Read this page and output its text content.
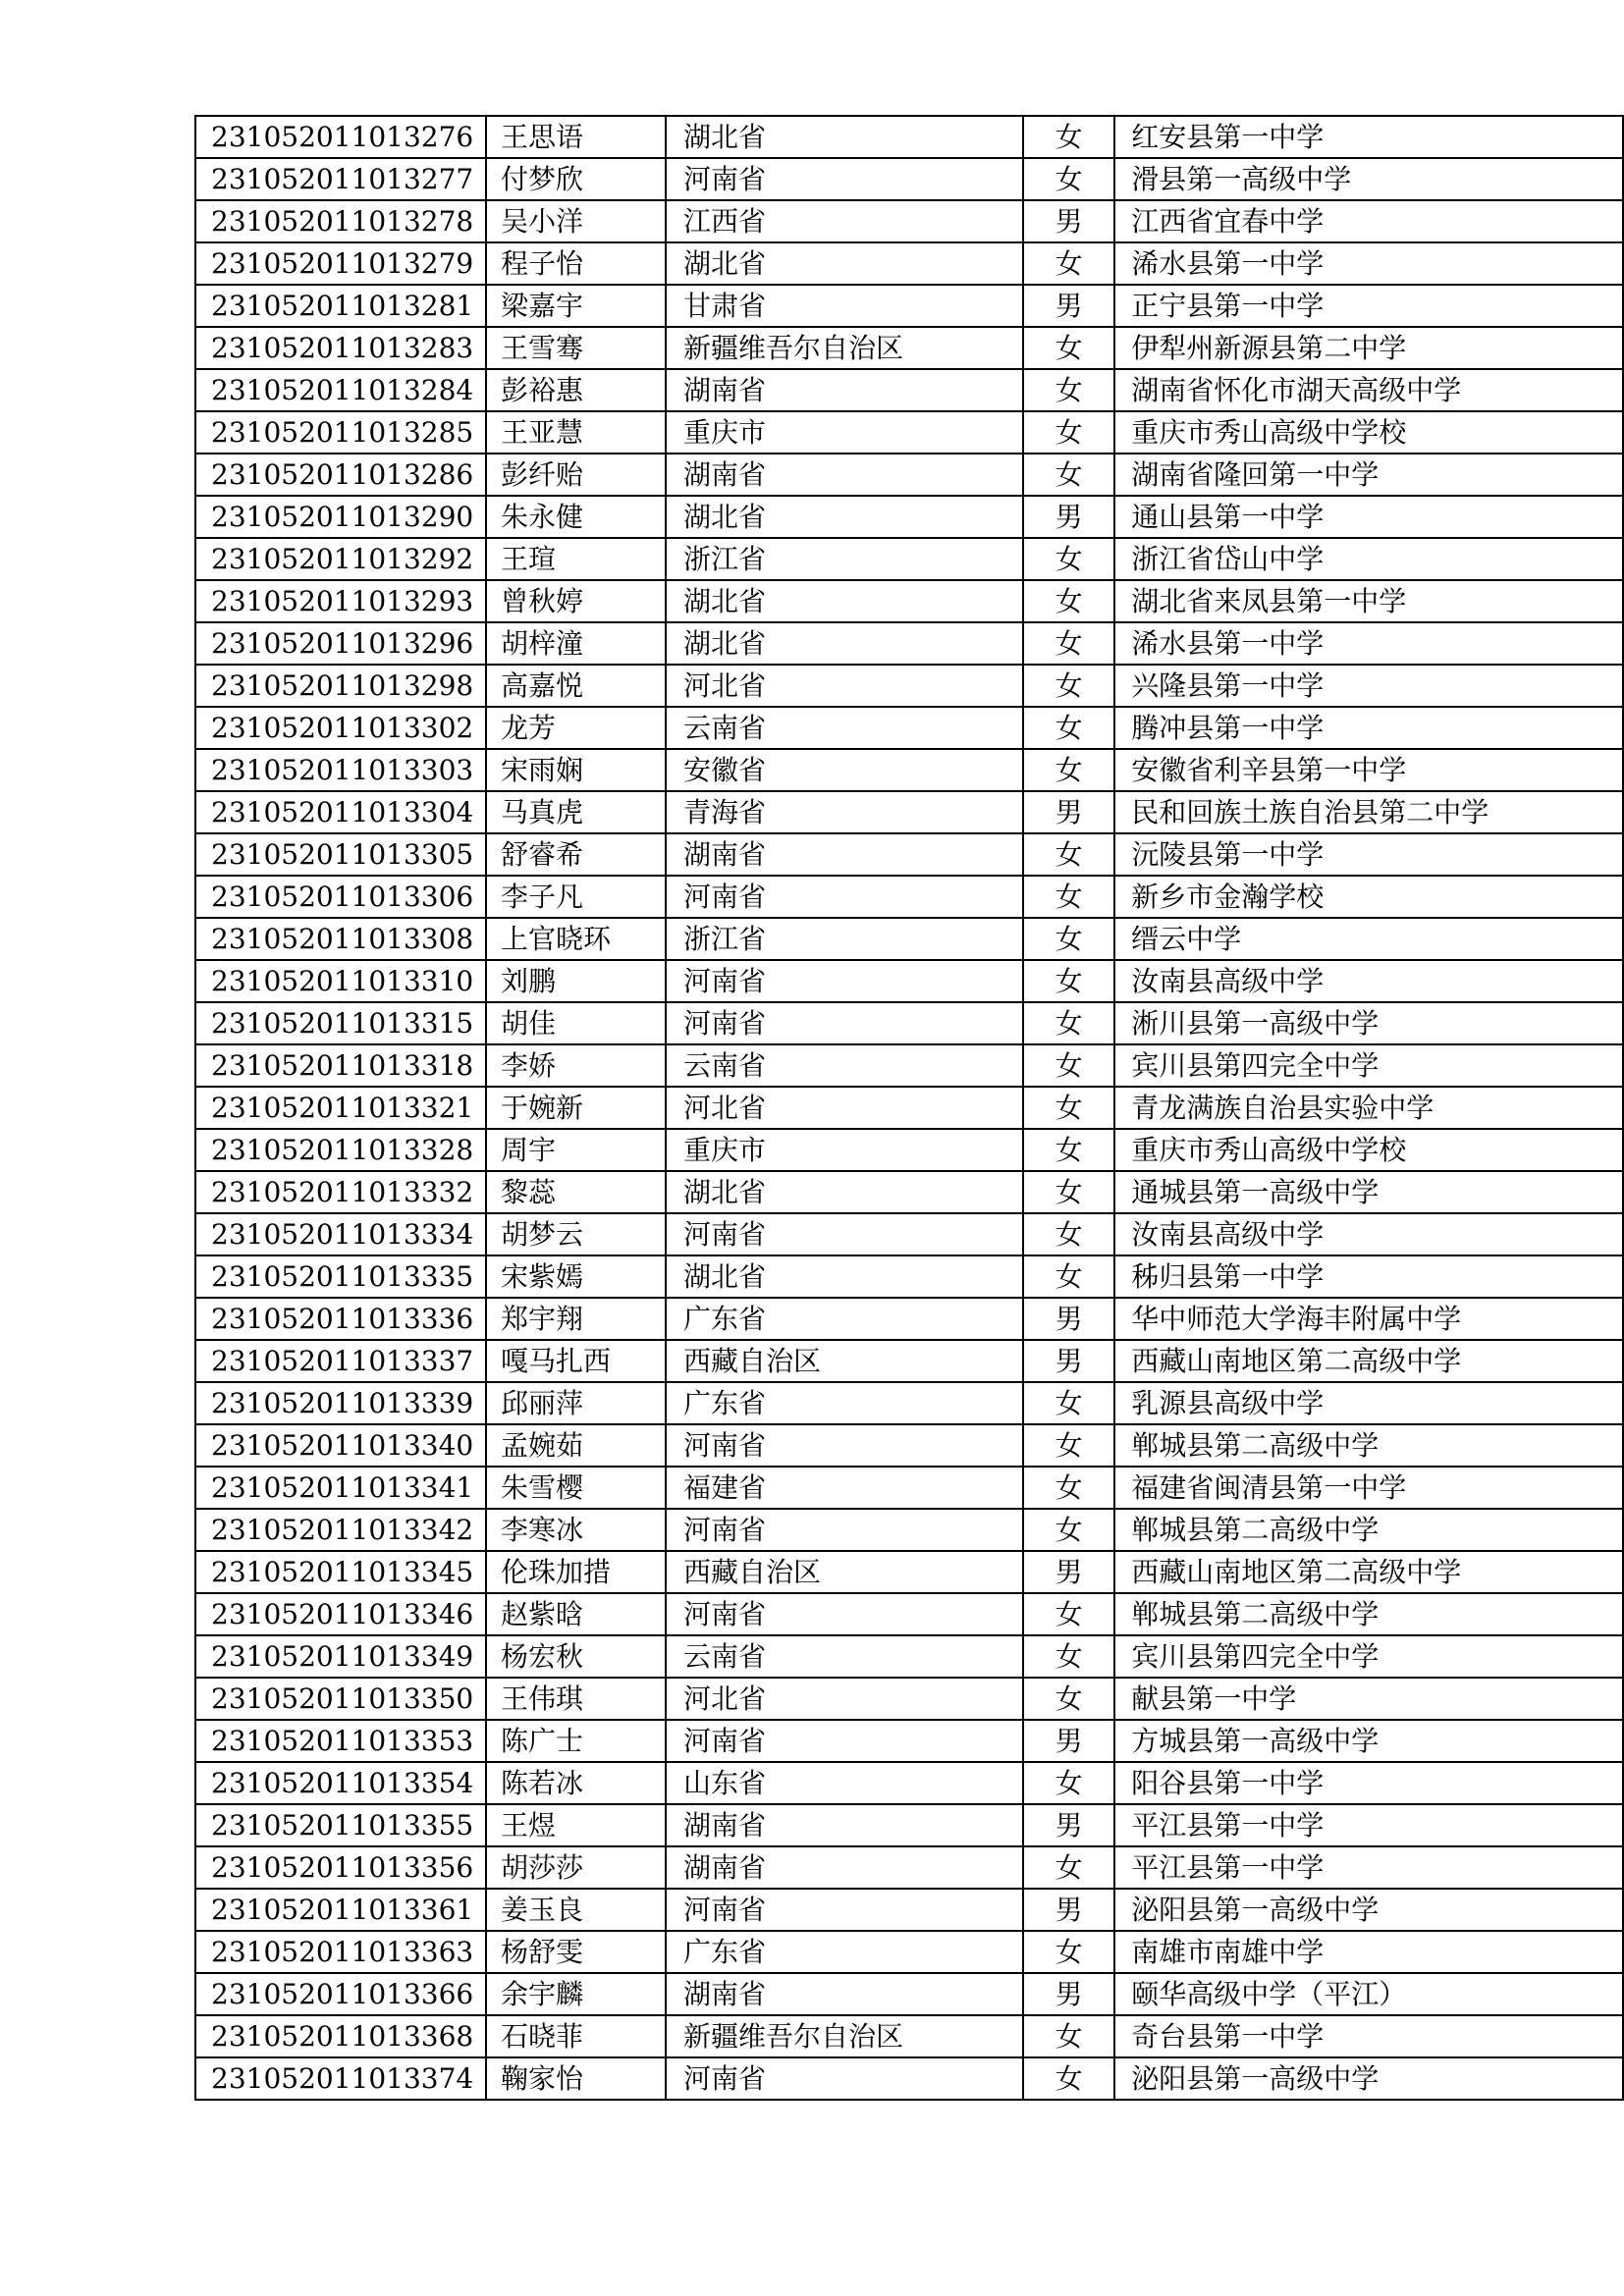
231052011013276	王思语	湖北省	女	红安县第一中学
231052011013277	付梦欣	河南省	女	滑县第一高级中学
231052011013278	吴小洋	江西省	男	江西省宜春中学
231052011013279	程子怡	湖北省	女	浠水县第一中学
231052011013281	梁嘉宇	甘肃省	男	正宁县第一中学
231052011013283	王雪骞	新疆维吾尔自治区	女	伊犁州新源县第二中学
231052011013284	彭裕惠	湖南省	女	湖南省怀化市湖天高级中学
231052011013285	王亚慧	重庆市	女	重庆市秀山高级中学校
231052011013286	彭纤贻	湖南省	女	湖南省隆回第一中学
231052011013290	朱永健	湖北省	男	通山县第一中学
231052011013292	王瑄	浙江省	女	浙江省岱山中学
231052011013293	曾秋婷	湖北省	女	湖北省来凤县第一中学
231052011013296	胡梓潼	湖北省	女	浠水县第一中学
231052011013298	高嘉悦	河北省	女	兴隆县第一中学
231052011013302	龙芳	云南省	女	腾冲县第一中学
231052011013303	宋雨娴	安徽省	女	安徽省利辛县第一中学
231052011013304	马真虎	青海省	男	民和回族土族自治县第二中学
231052011013305	舒睿希	湖南省	女	沅陵县第一中学
231052011013306	李子凡	河南省	女	新乡市金瀚学校
231052011013308	上官晓环	浙江省	女	缙云中学
231052011013310	刘鹏	河南省	女	汝南县高级中学
231052011013315	胡佳	河南省	女	淅川县第一高级中学
231052011013318	李娇	云南省	女	宾川县第四完全中学
231052011013321	于婉新	河北省	女	青龙满族自治县实验中学
231052011013328	周宇	重庆市	女	重庆市秀山高级中学校
231052011013332	黎蕊	湖北省	女	通城县第一高级中学
231052011013334	胡梦云	河南省	女	汝南县高级中学
231052011013335	宋紫嫣	湖北省	女	秭归县第一中学
231052011013336	郑宇翔	广东省	男	华中师范大学海丰附属中学
231052011013337	嘎马扎西	西藏自治区	男	西藏山南地区第二高级中学
231052011013339	邱丽萍	广东省	女	乳源县高级中学
231052011013340	孟婉茹	河南省	女	郸城县第二高级中学
231052011013341	朱雪樱	福建省	女	福建省闽清县第一中学
231052011013342	李寒冰	河南省	女	郸城县第二高级中学
231052011013345	伦珠加措	西藏自治区	男	西藏山南地区第二高级中学
231052011013346	赵紫晗	河南省	女	郸城县第二高级中学
231052011013349	杨宏秋	云南省	女	宾川县第四完全中学
231052011013350	王伟琪	河北省	女	献县第一中学
231052011013353	陈广士	河南省	男	方城县第一高级中学
231052011013354	陈若冰	山东省	女	阳谷县第一中学
231052011013355	王煜	湖南省	男	平江县第一中学
231052011013356	胡莎莎	湖南省	女	平江县第一中学
231052011013361	姜玉良	河南省	男	泌阳县第一高级中学
231052011013363	杨舒雯	广东省	女	南雄市南雄中学
231052011013366	余宇麟	湖南省	男	颐华高级中学（平江）
231052011013368	石晓菲	新疆维吾尔自治区	女	奇台县第一中学
231052011013374	鞠家怡	河南省	女	泌阳县第一高级中学
